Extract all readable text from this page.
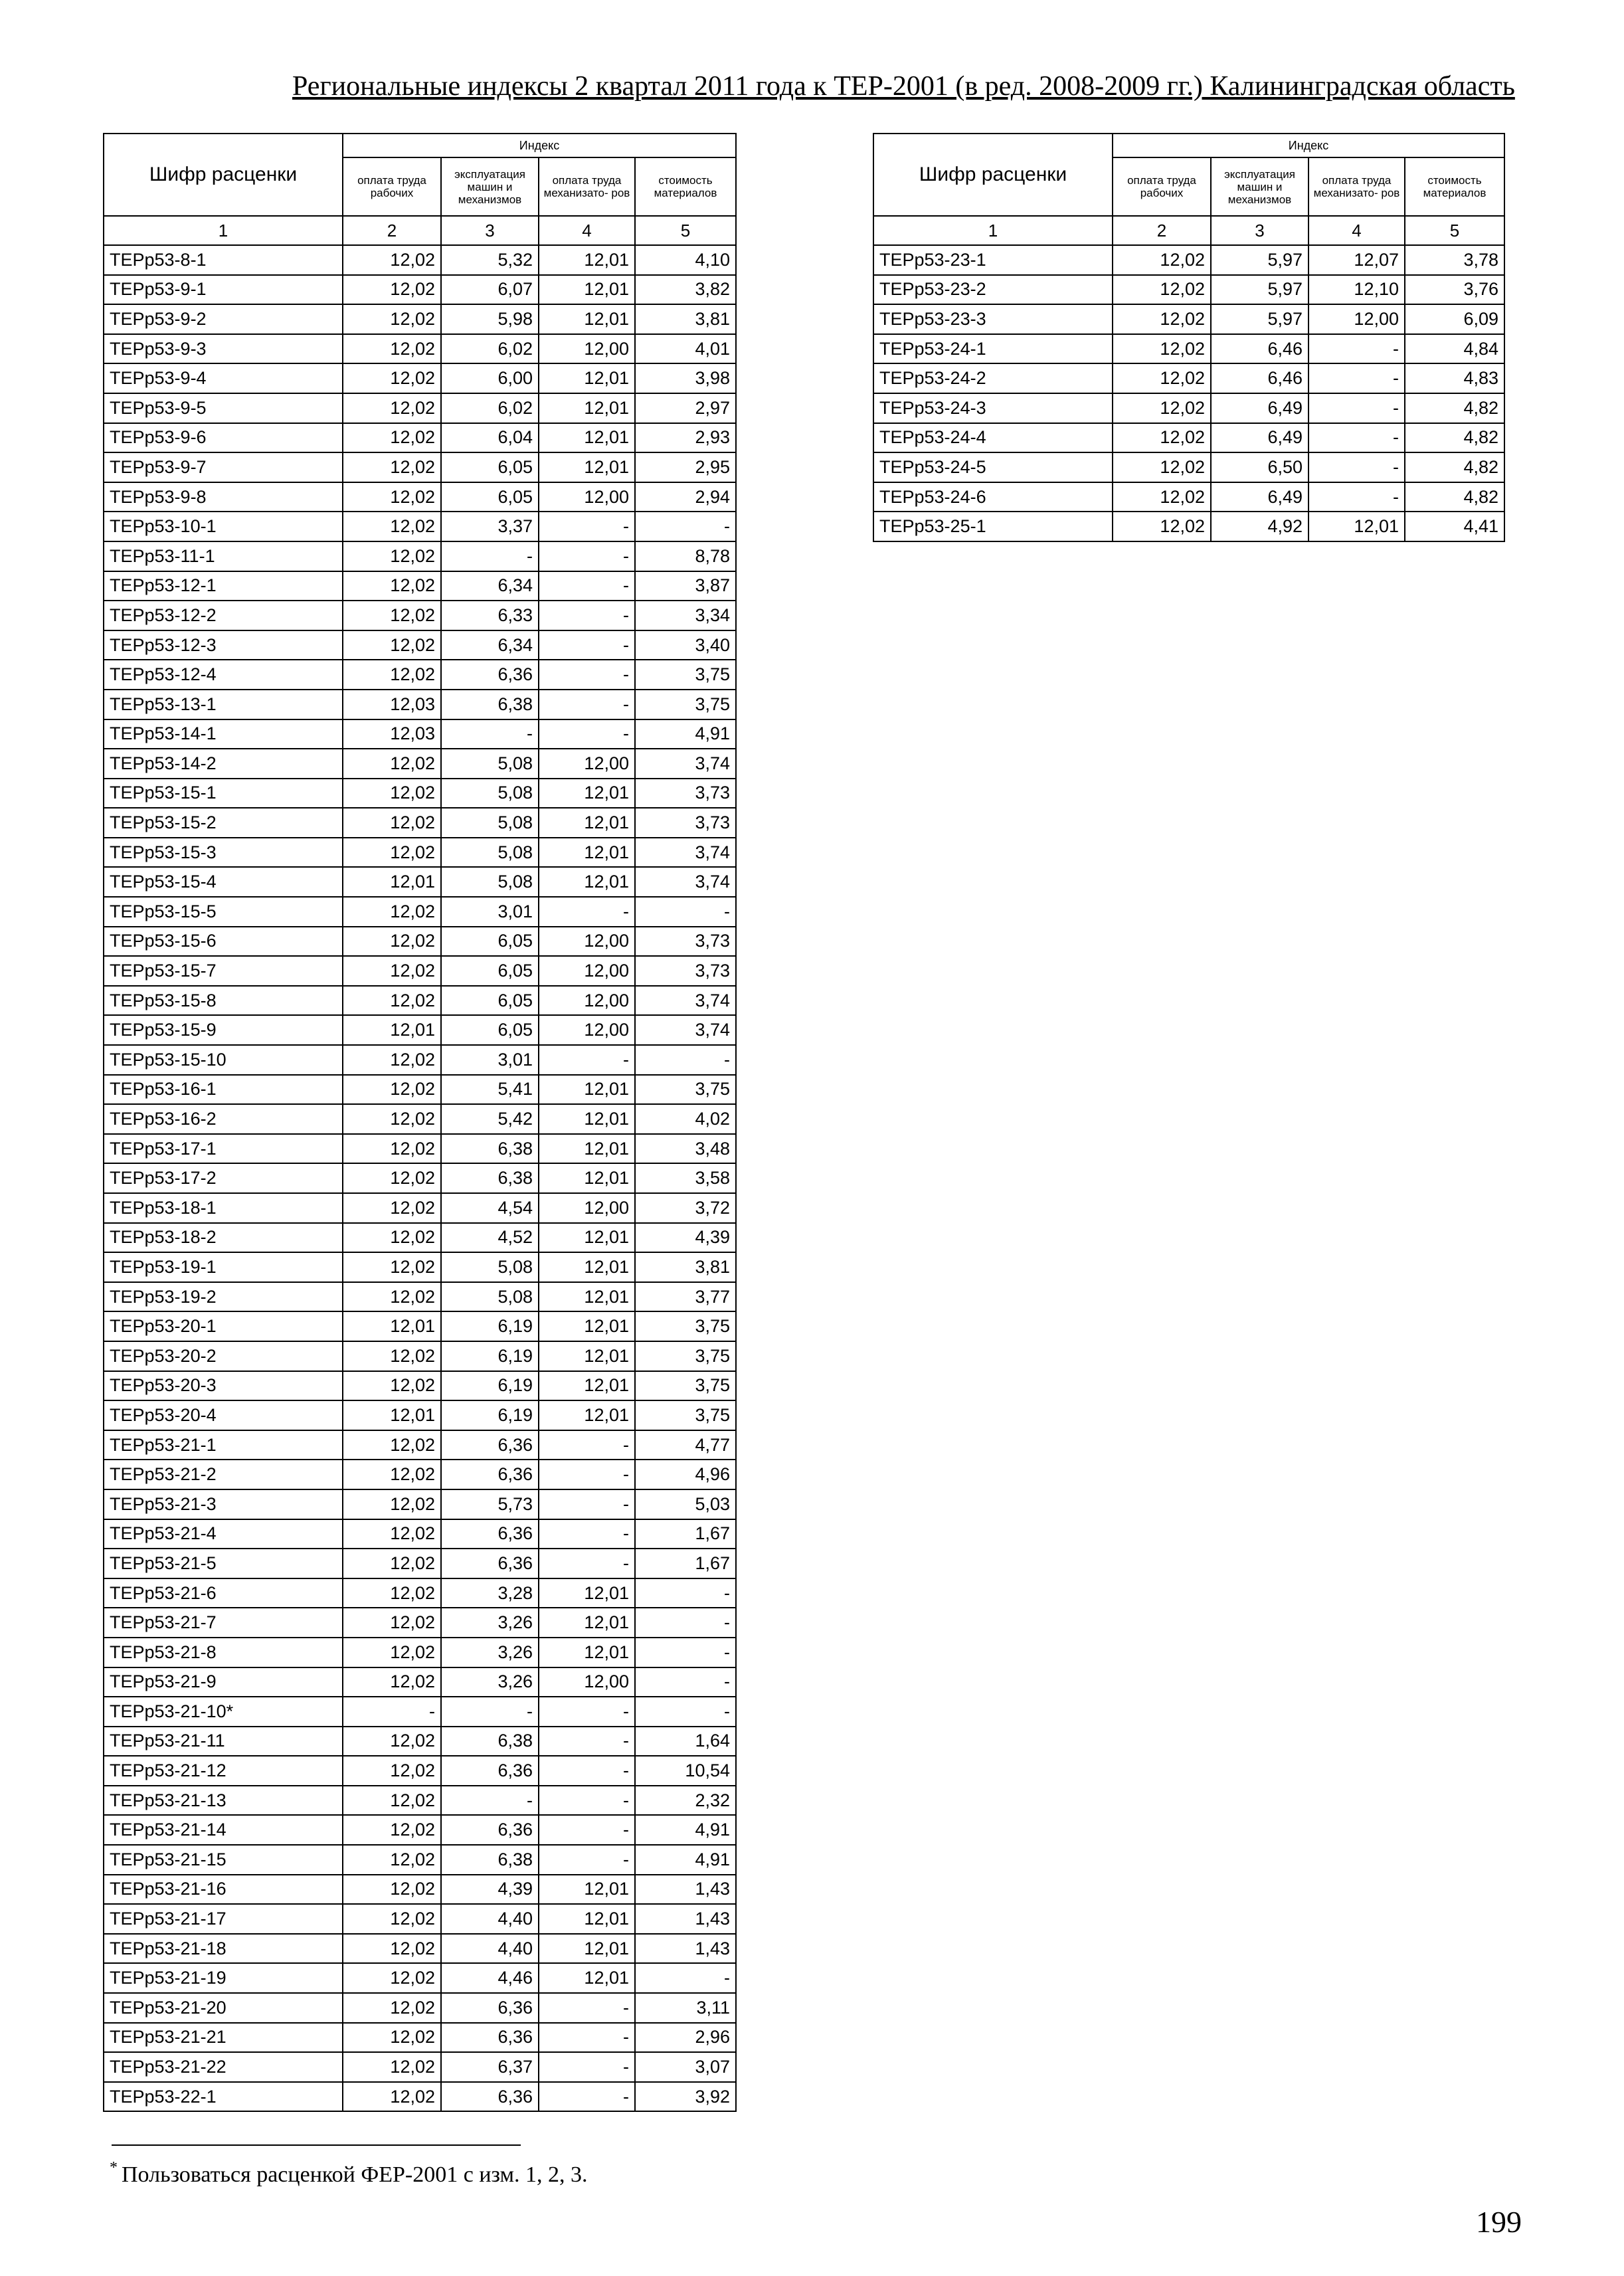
Региональные индексы 2 квартал 2011 года к ТЕР-2001 (в ред. 2008-2009 гг.) Калининградская область
Шифр расценки	Индекс			
	оплата труда рабочих	эксплуатация машин и механизмов	оплата труда механизато- ров	стоимость материалов
1	2	3	4	5
ТЕРр53-8-1	12,02	5,32	12,01	4,10
ТЕРр53-9-1	12,02	6,07	12,01	3,82
ТЕРр53-9-2	12,02	5,98	12,01	3,81
ТЕРр53-9-3	12,02	6,02	12,00	4,01
ТЕРр53-9-4	12,02	6,00	12,01	3,98
ТЕРр53-9-5	12,02	6,02	12,01	2,97
ТЕРр53-9-6	12,02	6,04	12,01	2,93
ТЕРр53-9-7	12,02	6,05	12,01	2,95
ТЕРр53-9-8	12,02	6,05	12,00	2,94
ТЕРр53-10-1	12,02	3,37	-	-
ТЕРр53-11-1	12,02	-	-	8,78
ТЕРр53-12-1	12,02	6,34	-	3,87
ТЕРр53-12-2	12,02	6,33	-	3,34
ТЕРр53-12-3	12,02	6,34	-	3,40
ТЕРр53-12-4	12,02	6,36	-	3,75
ТЕРр53-13-1	12,03	6,38	-	3,75
ТЕРр53-14-1	12,03	-	-	4,91
ТЕРр53-14-2	12,02	5,08	12,00	3,74
ТЕРр53-15-1	12,02	5,08	12,01	3,73
ТЕРр53-15-2	12,02	5,08	12,01	3,73
ТЕРр53-15-3	12,02	5,08	12,01	3,74
ТЕРр53-15-4	12,01	5,08	12,01	3,74
ТЕРр53-15-5	12,02	3,01	-	-
ТЕРр53-15-6	12,02	6,05	12,00	3,73
ТЕРр53-15-7	12,02	6,05	12,00	3,73
ТЕРр53-15-8	12,02	6,05	12,00	3,74
ТЕРр53-15-9	12,01	6,05	12,00	3,74
ТЕРр53-15-10	12,02	3,01	-	-
ТЕРр53-16-1	12,02	5,41	12,01	3,75
ТЕРр53-16-2	12,02	5,42	12,01	4,02
ТЕРр53-17-1	12,02	6,38	12,01	3,48
ТЕРр53-17-2	12,02	6,38	12,01	3,58
ТЕРр53-18-1	12,02	4,54	12,00	3,72
ТЕРр53-18-2	12,02	4,52	12,01	4,39
ТЕРр53-19-1	12,02	5,08	12,01	3,81
ТЕРр53-19-2	12,02	5,08	12,01	3,77
ТЕРр53-20-1	12,01	6,19	12,01	3,75
ТЕРр53-20-2	12,02	6,19	12,01	3,75
ТЕРр53-20-3	12,02	6,19	12,01	3,75
ТЕРр53-20-4	12,01	6,19	12,01	3,75
ТЕРр53-21-1	12,02	6,36	-	4,77
ТЕРр53-21-2	12,02	6,36	-	4,96
ТЕРр53-21-3	12,02	5,73	-	5,03
ТЕРр53-21-4	12,02	6,36	-	1,67
ТЕРр53-21-5	12,02	6,36	-	1,67
ТЕРр53-21-6	12,02	3,28	12,01	-
ТЕРр53-21-7	12,02	3,26	12,01	-
ТЕРр53-21-8	12,02	3,26	12,01	-
ТЕРр53-21-9	12,02	3,26	12,00	-
ТЕРр53-21-10*	-	-	-	-
ТЕРр53-21-11	12,02	6,38	-	1,64
ТЕРр53-21-12	12,02	6,36	-	10,54
ТЕРр53-21-13	12,02	-	-	2,32
ТЕРр53-21-14	12,02	6,36	-	4,91
ТЕРр53-21-15	12,02	6,38	-	4,91
ТЕРр53-21-16	12,02	4,39	12,01	1,43
ТЕРр53-21-17	12,02	4,40	12,01	1,43
ТЕРр53-21-18	12,02	4,40	12,01	1,43
ТЕРр53-21-19	12,02	4,46	12,01	-
ТЕРр53-21-20	12,02	6,36	-	3,11
ТЕРр53-21-21	12,02	6,36	-	2,96
ТЕРр53-21-22	12,02	6,37	-	3,07
ТЕРр53-22-1	12,02	6,36	-	3,92
Шифр расценки	Индекс			
	оплата труда рабочих	эксплуатация машин и механизмов	оплата труда механизато- ров	стоимость материалов
1	2	3	4	5
ТЕРр53-23-1	12,02	5,97	12,07	3,78
ТЕРр53-23-2	12,02	5,97	12,10	3,76
ТЕРр53-23-3	12,02	5,97	12,00	6,09
ТЕРр53-24-1	12,02	6,46	-	4,84
ТЕРр53-24-2	12,02	6,46	-	4,83
ТЕРр53-24-3	12,02	6,49	-	4,82
ТЕРр53-24-4	12,02	6,49	-	4,82
ТЕРр53-24-5	12,02	6,50	-	4,82
ТЕРр53-24-6	12,02	6,49	-	4,82
ТЕРр53-25-1	12,02	4,92	12,01	4,41
* Пользоваться расценкой ФЕР-2001 с изм. 1, 2, 3.
199
